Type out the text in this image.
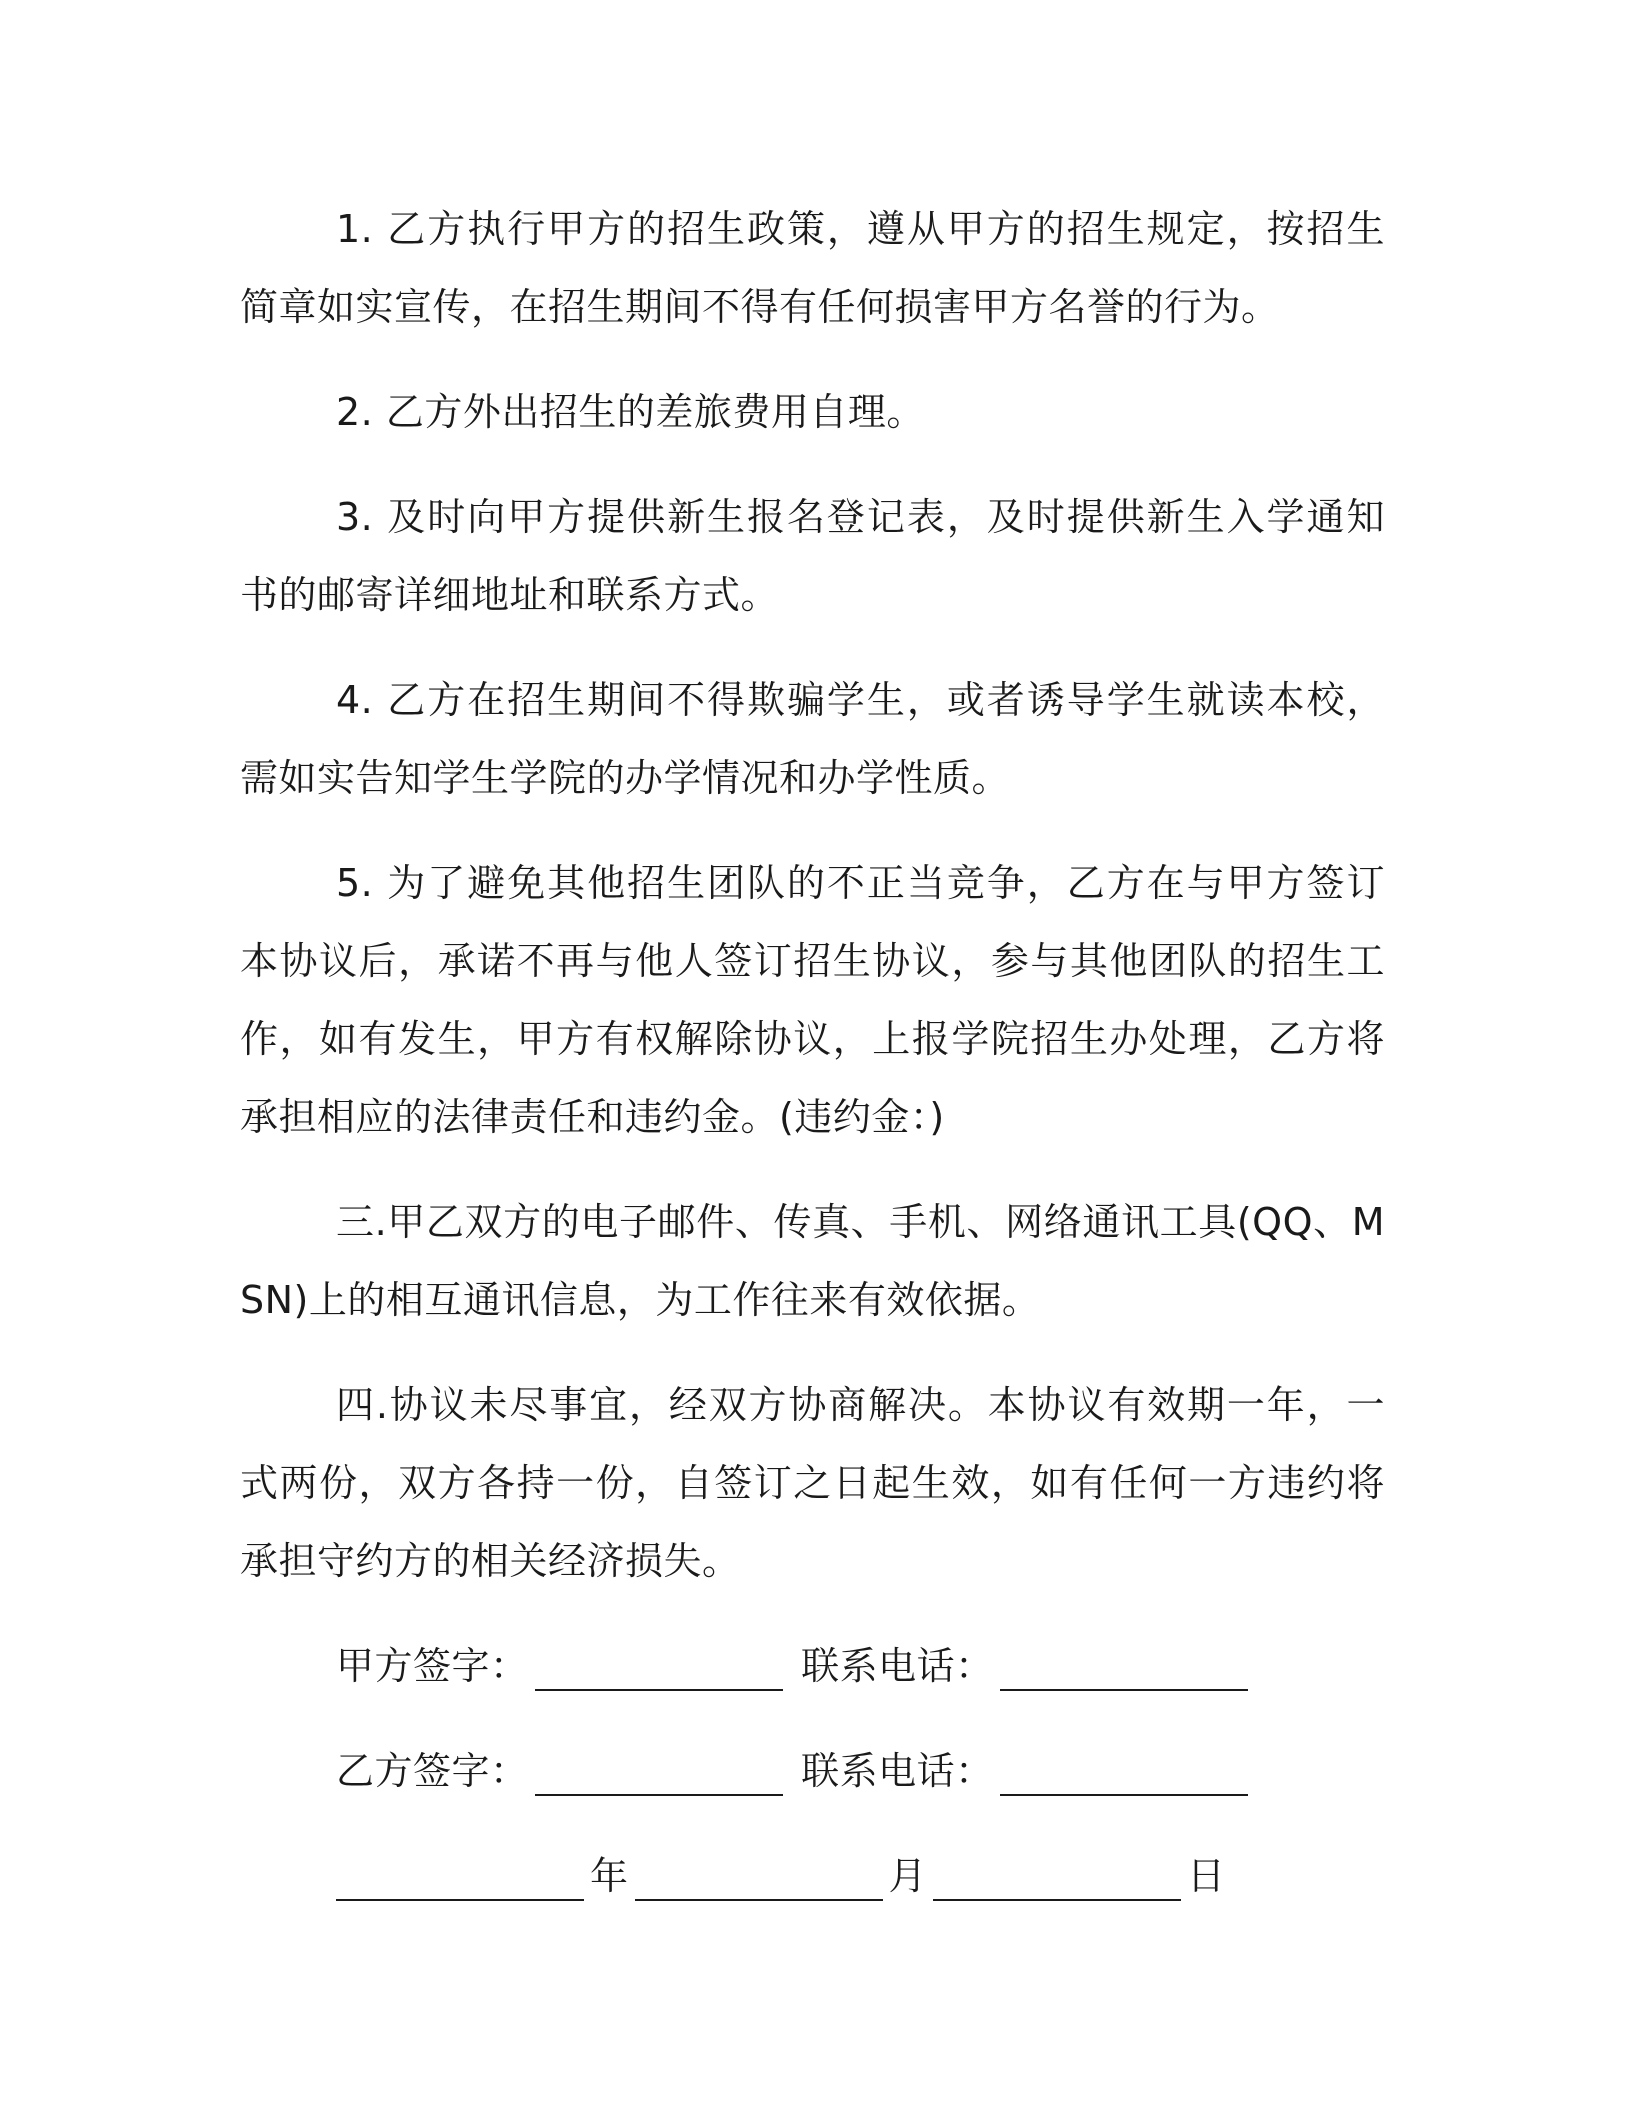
1. 乙方执行甲方的招生政策，遵从甲方的招生规定，按招生简章如实宣传，在招生期间不得有任何损害甲方名誉的行为。

2. 乙方外出招生的差旅费用自理。

3. 及时向甲方提供新生报名登记表，及时提供新生入学通知书的邮寄详细地址和联系方式。

4. 乙方在招生期间不得欺骗学生，或者诱导学生就读本校，需如实告知学生学院的办学情况和办学性质。

5. 为了避免其他招生团队的不正当竞争，乙方在与甲方签订本协议后，承诺不再与他人签订招生协议，参与其他团队的招生工作，如有发生，甲方有权解除协议，上报学院招生办处理，乙方将承担相应的法律责任和违约金。(违约金：)

三.甲乙双方的电子邮件、传真、手机、网络通讯工具(QQ、MSN)上的相互通讯信息，为工作往来有效依据。

四.协议未尽事宜，经双方协商解决。本协议有效期一年，一式两份，双方各持一份，自签订之日起生效，如有任何一方违约将承担守约方的相关经济损失。

甲方签字：	联系电话：
乙方签字：	联系电话：
年	月	日
